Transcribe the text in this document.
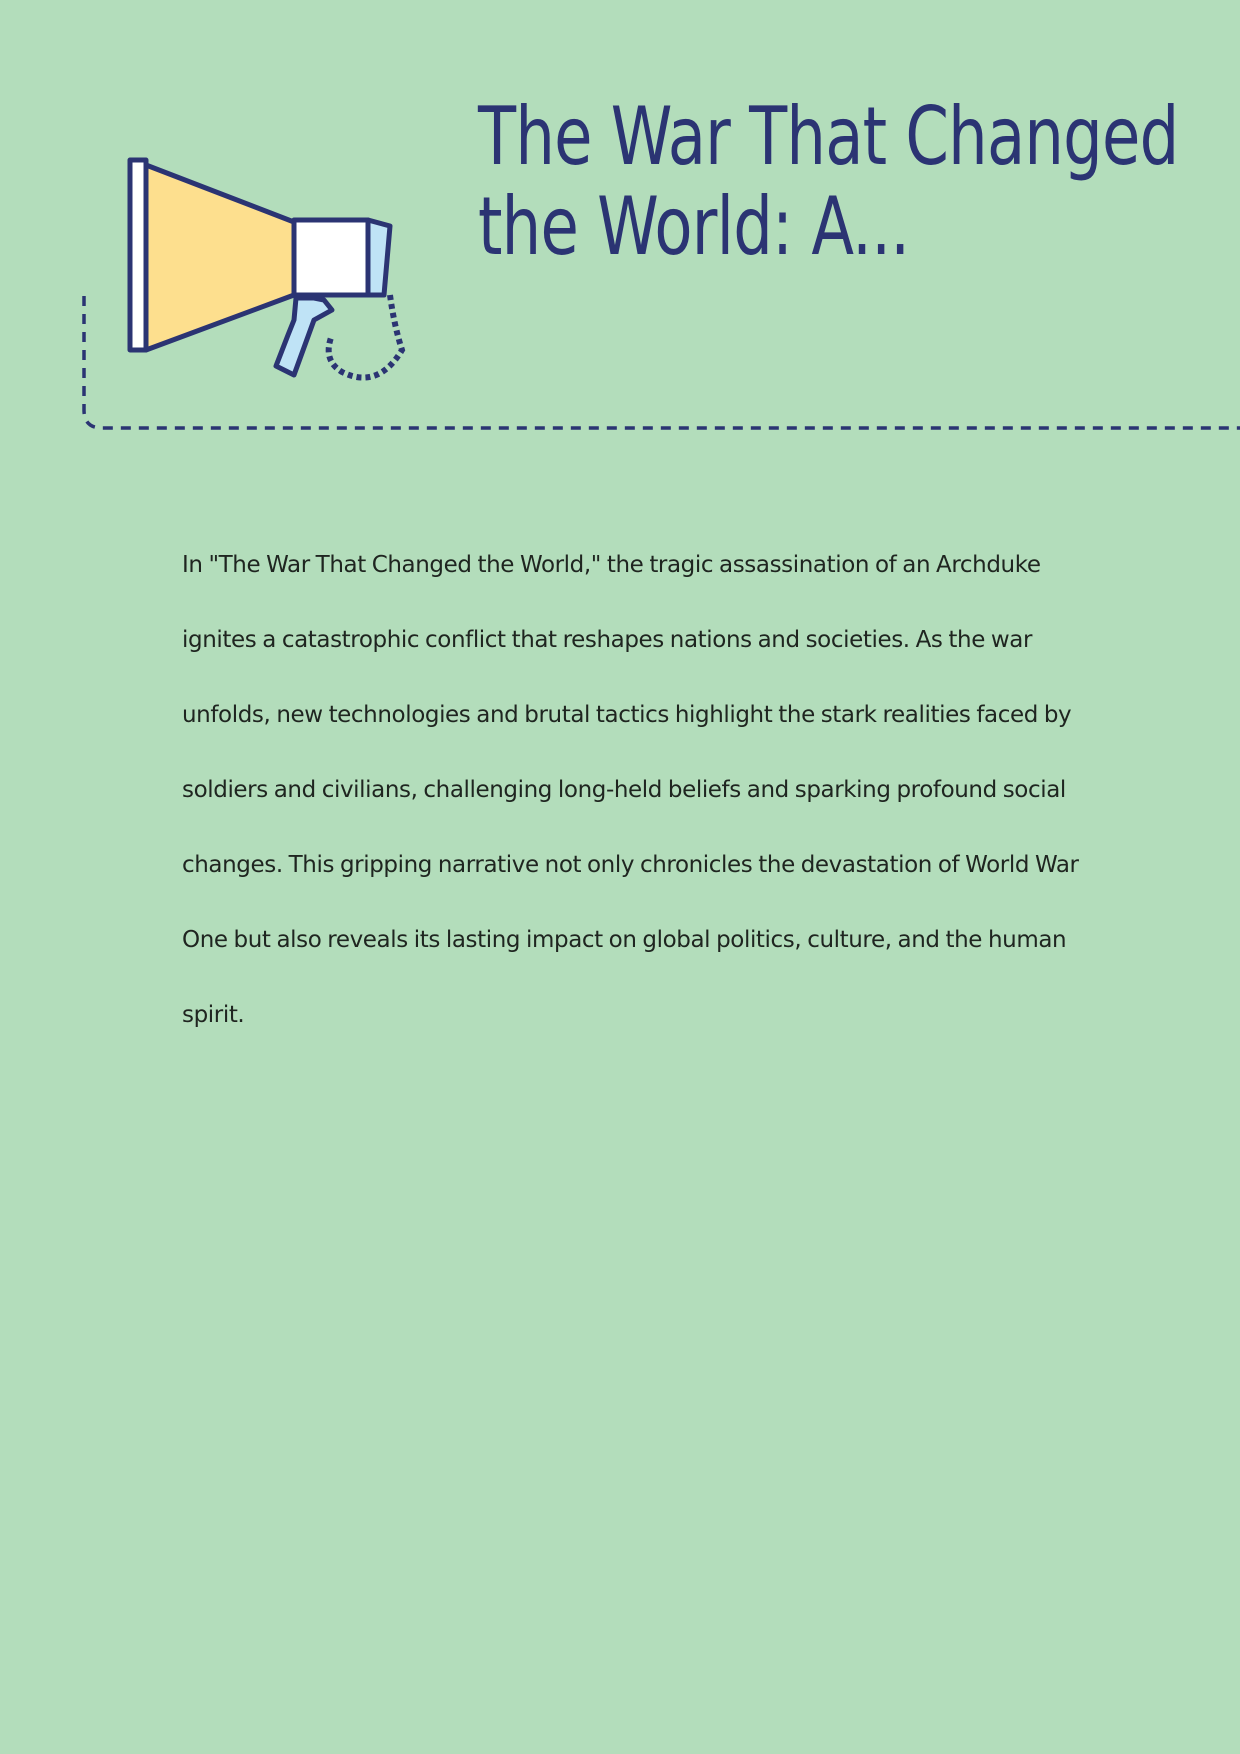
The War That Changed the World: A...

In "The War That Changed the World," the tragic assassination of an Archduke ignites a catastrophic conflict that reshapes nations and societies. As the war unfolds, new technologies and brutal tactics highlight the stark realities faced by soldiers and civilians, challenging long-held beliefs and sparking profound social changes. This gripping narrative not only chronicles the devastation of World War One but also reveals its lasting impact on global politics, culture, and the human spirit.
